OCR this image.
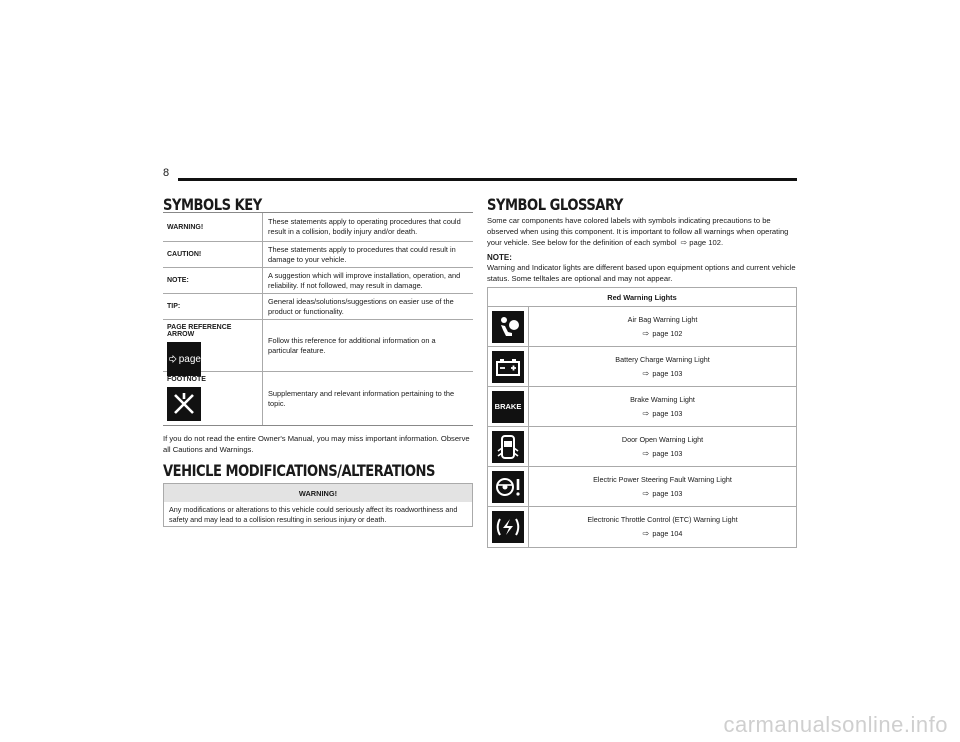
8
SYMBOLS KEY
WARNING!
These statements apply to operating procedures that could result in a collision, bodily injury and/or death.
CAUTION!
These statements apply to procedures that could result in damage to your vehicle.
NOTE:
A suggestion which will improve installation, operation, and reliability. If not followed, may result in damage.
TIP:
General ideas/solutions/suggestions on easier use of the product or functionality.
PAGE REFERENCE ARROW
page
Follow this reference for additional information on a particular feature.
FOOTNOTE
Supplementary and relevant information pertaining to the topic.
If you do not read the entire Owner's Manual, you may miss important information. Observe all Cautions and Warnings.
VEHICLE MODIFICATIONS/ALTERATIONS
WARNING!
Any modifications or alterations to this vehicle could seriously affect its roadworthiness and safety and may lead to a collision resulting in serious injury or death.
SYMBOL GLOSSARY
Some car components have colored labels with symbols indicating precautions to be observed when using this component. It is important to follow all warnings when operating your vehicle. See below for the definition of each symbol  ⇨ page 102.
NOTE:
Warning and Indicator lights are different based upon equipment options and current vehicle status. Some telltales are optional and may not appear.
Red Warning Lights
Air Bag Warning Light
⇨ page 102
Battery Charge Warning Light
⇨ page 103
BRAKE
Brake Warning Light
⇨ page 103
Door Open Warning Light
⇨ page 103
Electric Power Steering Fault Warning Light
⇨ page 103
Electronic Throttle Control (ETC) Warning Light
⇨ page 104
carmanualsonline.info
